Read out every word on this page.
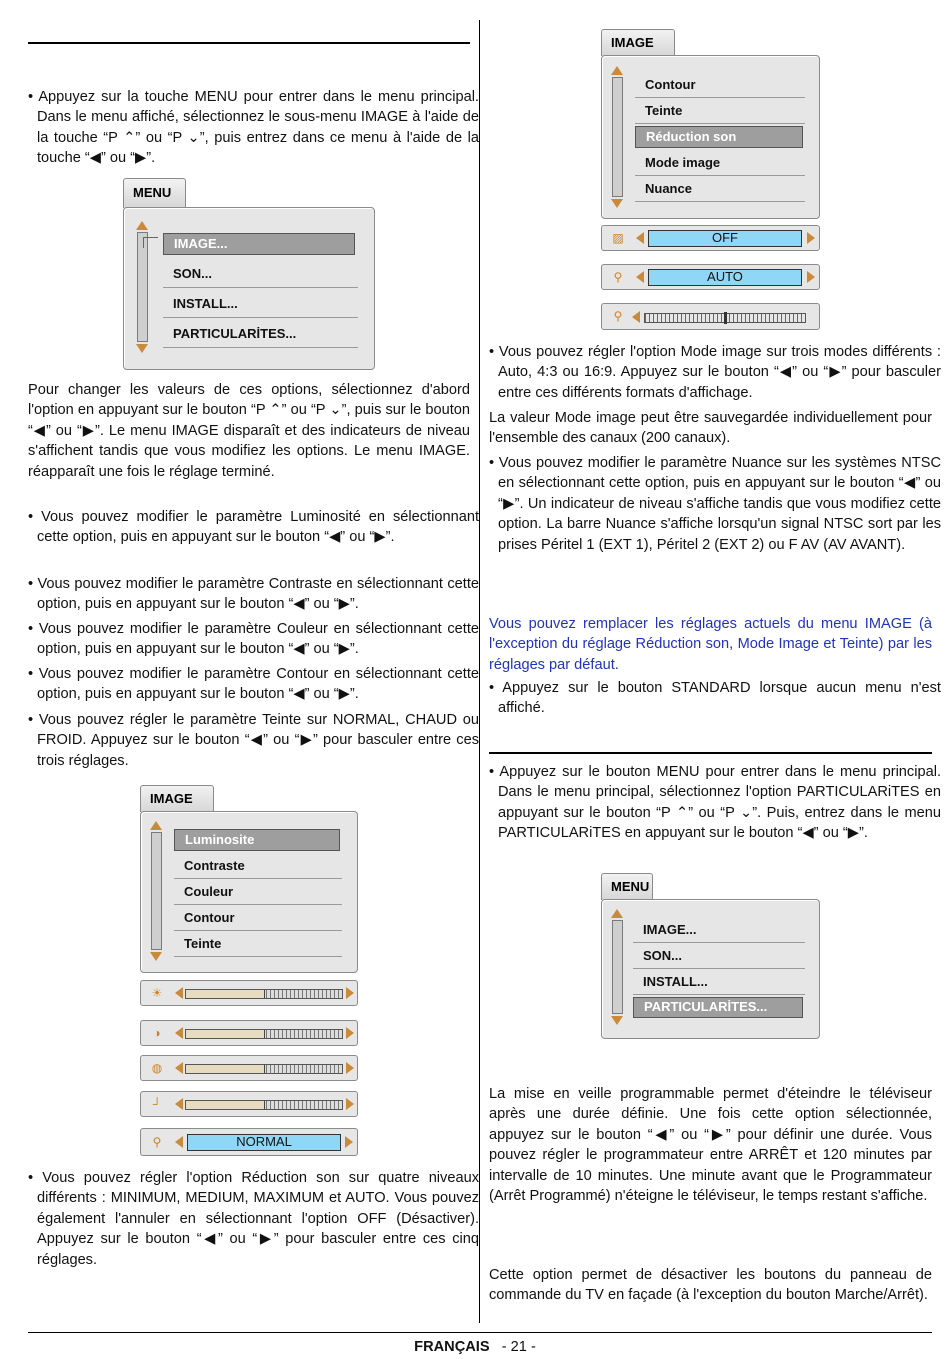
• Appuyez sur la touche MENU pour entrer dans le menu principal. Dans le menu affiché, sélectionnez le sous-menu IMAGE à l'aide de la touche “P ⌃” ou “P ⌄”, puis entrez dans ce menu à l'aide de la touche “◀” ou “▶”.
MENU
IMAGE...
SON...
INSTALL...
PARTICULARİTES...
Pour changer les valeurs de ces options, sélectionnez d'abord l'option en appuyant sur le bouton “P ⌃” ou “P ⌄”, puis sur le bouton “◀” ou “▶”. Le menu IMAGE disparaît et des indicateurs de niveau s'affichent tandis que vous modifiez les options. Le menu IMAGE. réapparaît une fois le réglage terminé.
• Vous pouvez modifier le paramètre Luminosité en sélectionnant cette option, puis en appuyant sur le bouton “◀” ou “▶”.
• Vous pouvez modifier le paramètre Contraste en sélectionnant cette option, puis en appuyant sur le bouton “◀” ou “▶”.
• Vous pouvez modifier le paramètre Couleur en sélectionnant cette option, puis en appuyant sur le bouton “◀” ou “▶”.
• Vous pouvez modifier le paramètre Contour en sélectionnant cette option, puis en appuyant sur le bouton “◀” ou “▶”.
• Vous pouvez régler le paramètre Teinte sur NORMAL, CHAUD ou FROID. Appuyez sur le bouton “◀” ou “▶” pour basculer entre ces trois réglages.
IMAGE
Luminosite
Contraste
Couleur
Contour
Teinte
☀
◑
◍
┘
⚲	NORMAL
• Vous pouvez régler l'option Réduction son sur quatre niveaux différents : MINIMUM, MEDIUM, MAXIMUM et AUTO. Vous pouvez également l'annuler en sélectionnant l'option OFF (Désactiver). Appuyez sur le bouton “◀” ou “▶” pour basculer entre ces cinq réglages.
IMAGE
Contour
Teinte
Réduction son
Mode image
Nuance
▨	OFF
⚲	AUTO
⚲
• Vous pouvez régler l'option Mode image sur trois modes différents : Auto, 4:3 ou 16:9. Appuyez sur le bouton “◀” ou “▶” pour basculer entre ces différents formats d'affichage.
La valeur Mode image peut être sauvegardée individuellement pour l'ensemble des canaux (200 canaux).
• Vous pouvez modifier le paramètre Nuance sur les systèmes NTSC en sélectionnant cette option, puis en appuyant sur le bouton “◀” ou “▶”. Un indicateur de niveau s'affiche tandis que vous modifiez cette option. La barre Nuance s'affiche lorsqu'un signal NTSC sort par les prises Péritel 1 (EXT 1), Péritel 2 (EXT 2) ou F AV (AV AVANT).
Vous pouvez remplacer les réglages actuels du menu IMAGE (à l'exception du réglage Réduction son, Mode Image et Teinte) par les réglages par défaut.
• Appuyez sur le bouton STANDARD lorsque aucun menu n'est affiché.
• Appuyez sur le bouton MENU pour entrer dans le menu principal. Dans le menu principal, sélectionnez l'option PARTICULARiTES en appuyant sur le bouton “P ⌃” ou “P ⌄”. Puis, entrez dans le menu PARTICULARiTES en appuyant sur le bouton “◀” ou “▶”.
MENU
IMAGE...
SON...
INSTALL...
PARTICULARİTES...
La mise en veille programmable permet d'éteindre le téléviseur après une durée définie. Une fois cette option sélectionnée, appuyez sur le bouton “◀” ou “▶” pour définir une durée. Vous pouvez régler le programmateur entre ARRÊT et 120 minutes par intervalle de 10 minutes. Une minute avant que le Programmateur (Arrêt Programmé) n'éteigne le téléviseur, le temps restant s'affiche.
Cette option permet de désactiver les boutons du panneau de commande du TV en façade (à l'exception du bouton Marche/Arrêt).
FRANÇAIS - 21 -
